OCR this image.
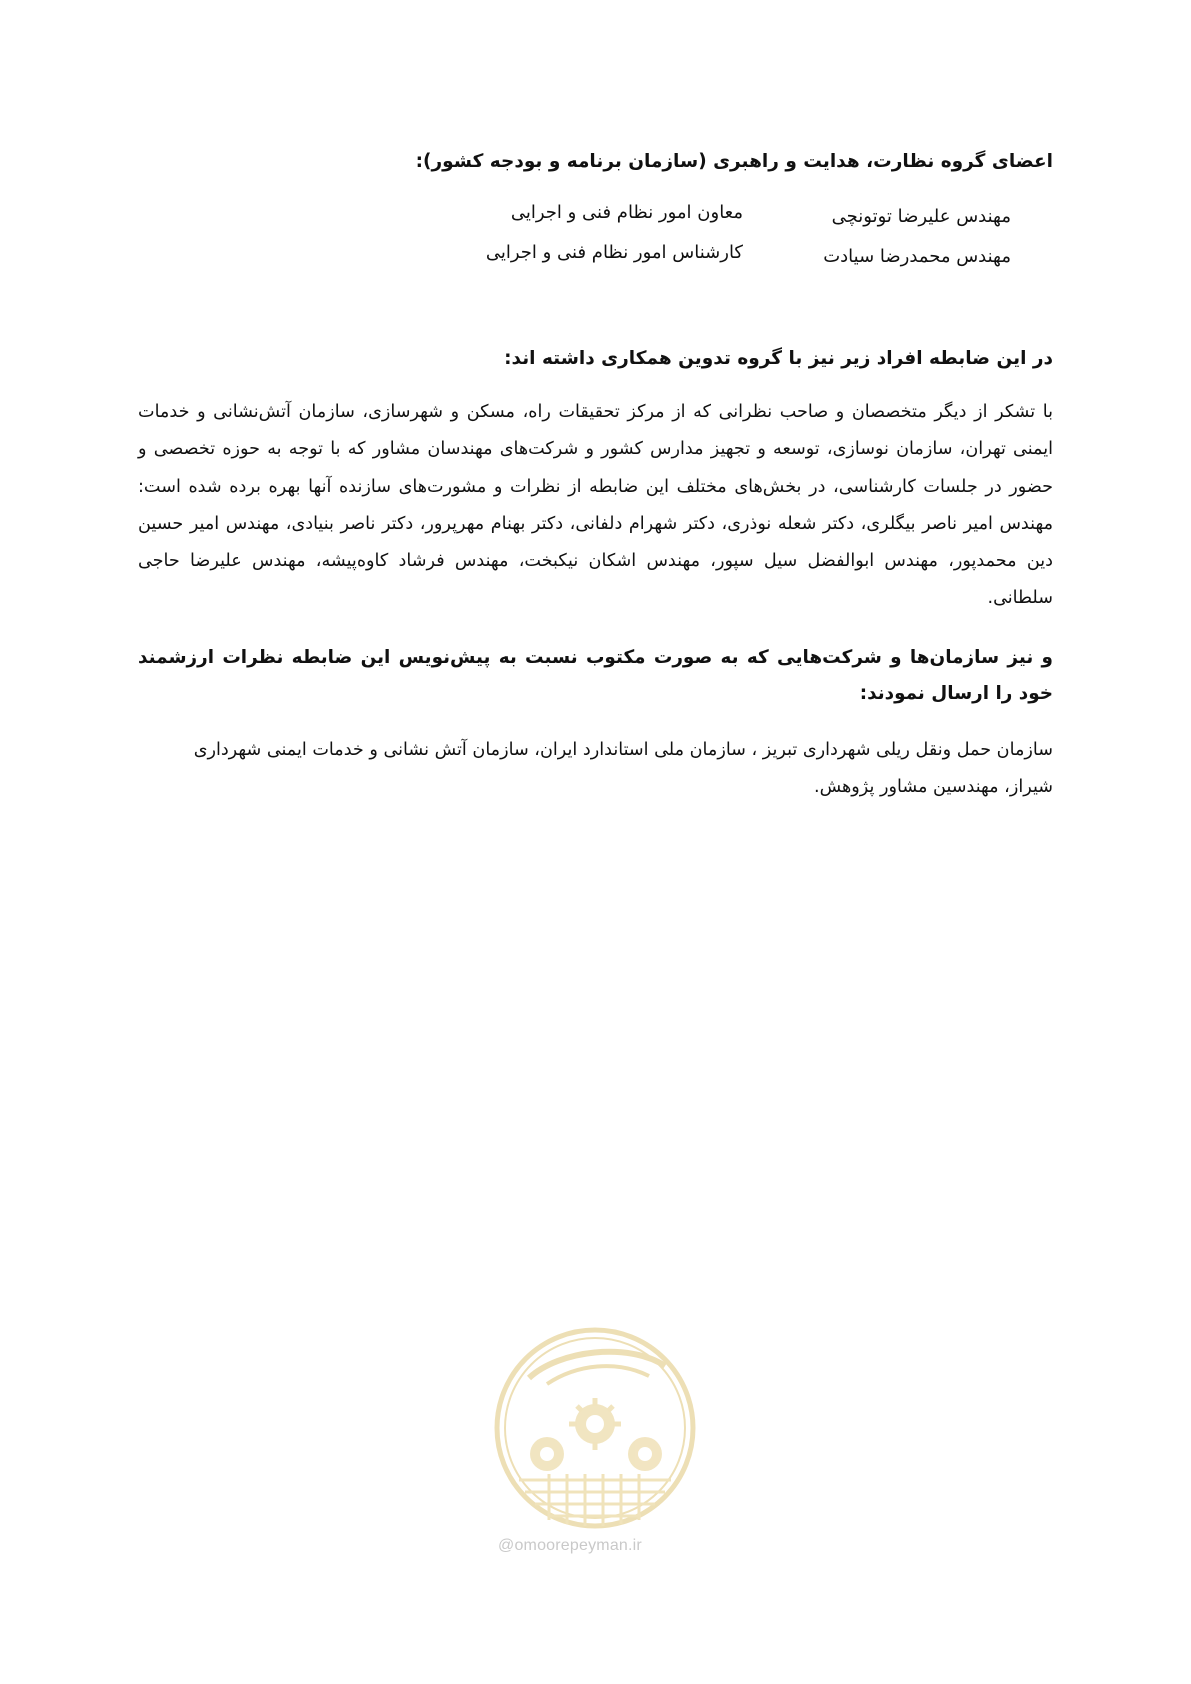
اعضای گروه نظارت، هدایت و راهبری (سازمان برنامه و بودجه کشور):
مهندس علیرضا توتونچی
معاون امور نظام فنی و اجرایی
مهندس محمدرضا سیادت
کارشناس امور نظام فنی و اجرایی
در این ضابطه افراد زیر نیز با گروه تدوین همکاری داشته اند:
با تشکر از دیگر متخصصان و صاحب نظرانی که از مرکز تحقیقات راه، مسکن و شهرسازی، سازمان آتش‌نشانی و خدمات ایمنی تهران، سازمان نوسازی، توسعه و تجهیز مدارس کشور و شرکت‌های مهندسان مشاور که با توجه به حوزه تخصصی و حضور در جلسات کارشناسی، در بخش‌های مختلف این ضابطه از نظرات و مشورت‌های سازنده آنها بهره برده شده است: مهندس امیر ناصر بیگلری، دکتر شعله نوذری، دکتر شهرام دلفانی، دکتر بهنام مهرپرور، دکتر ناصر بنیادی، مهندس امیر حسین دین محمدپور، مهندس ابوالفضل سیل سپور، مهندس اشکان نیکبخت، مهندس فرشاد کاوه‌پیشه، مهندس علیرضا حاجی سلطانی.
و نیز سازمان‌ها و شرکت‌هایی که به صورت مکتوب نسبت به پیش‌نویس این ضابطه نظرات ارزشمند خود را ارسال نمودند:
سازمان حمل ونقل ریلی شهرداری تبریز ، سازمان ملی استاندارد ایران، سازمان آتش نشانی و خدمات ایمنی شهرداری شیراز، مهندسین مشاور پژوهش.
@omoorepeyman.ir
